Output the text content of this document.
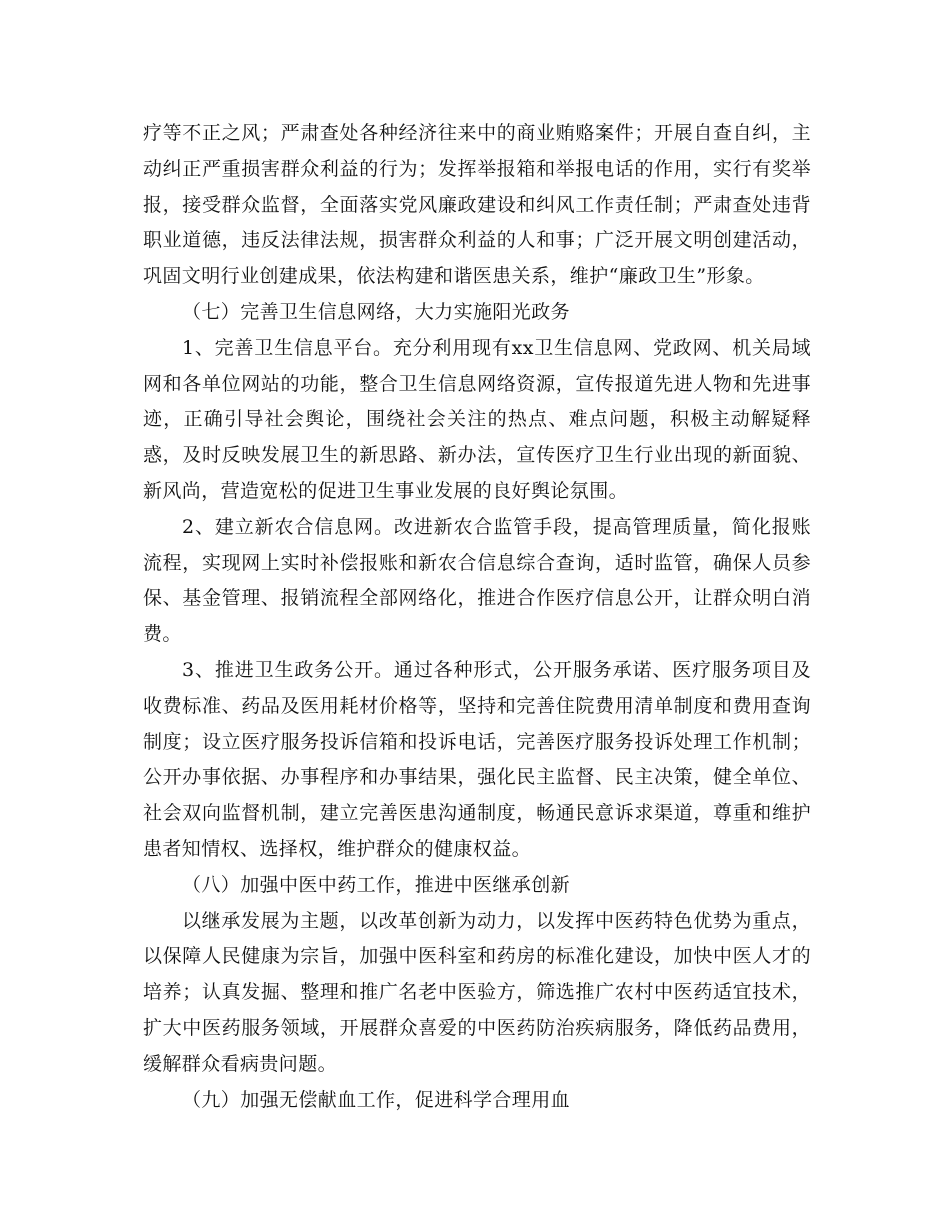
疗等不正之风；严肃查处各种经济往来中的商业贿赂案件；开展自查自纠，主动纠正严重损害群众利益的行为；发挥举报箱和举报电话的作用，实行有奖举报，接受群众监督，全面落实党风廉政建设和纠风工作责任制；严肃查处违背职业道德，违反法律法规，损害群众利益的人和事；广泛开展文明创建活动，巩固文明行业创建成果，依法构建和谐医患关系，维护“廉政卫生”形象。

（七）完善卫生信息网络，大力实施阳光政务

1、完善卫生信息平台。充分利用现有xx卫生信息网、党政网、机关局域网和各单位网站的功能，整合卫生信息网络资源，宣传报道先进人物和先进事迹，正确引导社会舆论，围绕社会关注的热点、难点问题，积极主动解疑释惑，及时反映发展卫生的新思路、新办法，宣传医疗卫生行业出现的新面貌、新风尚，营造宽松的促进卫生事业发展的良好舆论氛围。

2、建立新农合信息网。改进新农合监管手段，提高管理质量，简化报账流程，实现网上实时补偿报账和新农合信息综合查询，适时监管，确保人员参保、基金管理、报销流程全部网络化，推进合作医疗信息公开，让群众明白消费。

3、推进卫生政务公开。通过各种形式，公开服务承诺、医疗服务项目及收费标准、药品及医用耗材价格等，坚持和完善住院费用清单制度和费用查询制度；设立医疗服务投诉信箱和投诉电话，完善医疗服务投诉处理工作机制；公开办事依据、办事程序和办事结果，强化民主监督、民主决策，健全单位、社会双向监督机制，建立完善医患沟通制度，畅通民意诉求渠道，尊重和维护患者知情权、选择权，维护群众的健康权益。

（八）加强中医中药工作，推进中医继承创新

以继承发展为主题，以改革创新为动力，以发挥中医药特色优势为重点，以保障人民健康为宗旨，加强中医科室和药房的标准化建设，加快中医人才的培养；认真发掘、整理和推广名老中医验方，筛选推广农村中医药适宜技术，扩大中医药服务领域，开展群众喜爱的中医药防治疾病服务，降低药品费用，缓解群众看病贵问题。

（九）加强无偿献血工作，促进科学合理用血
